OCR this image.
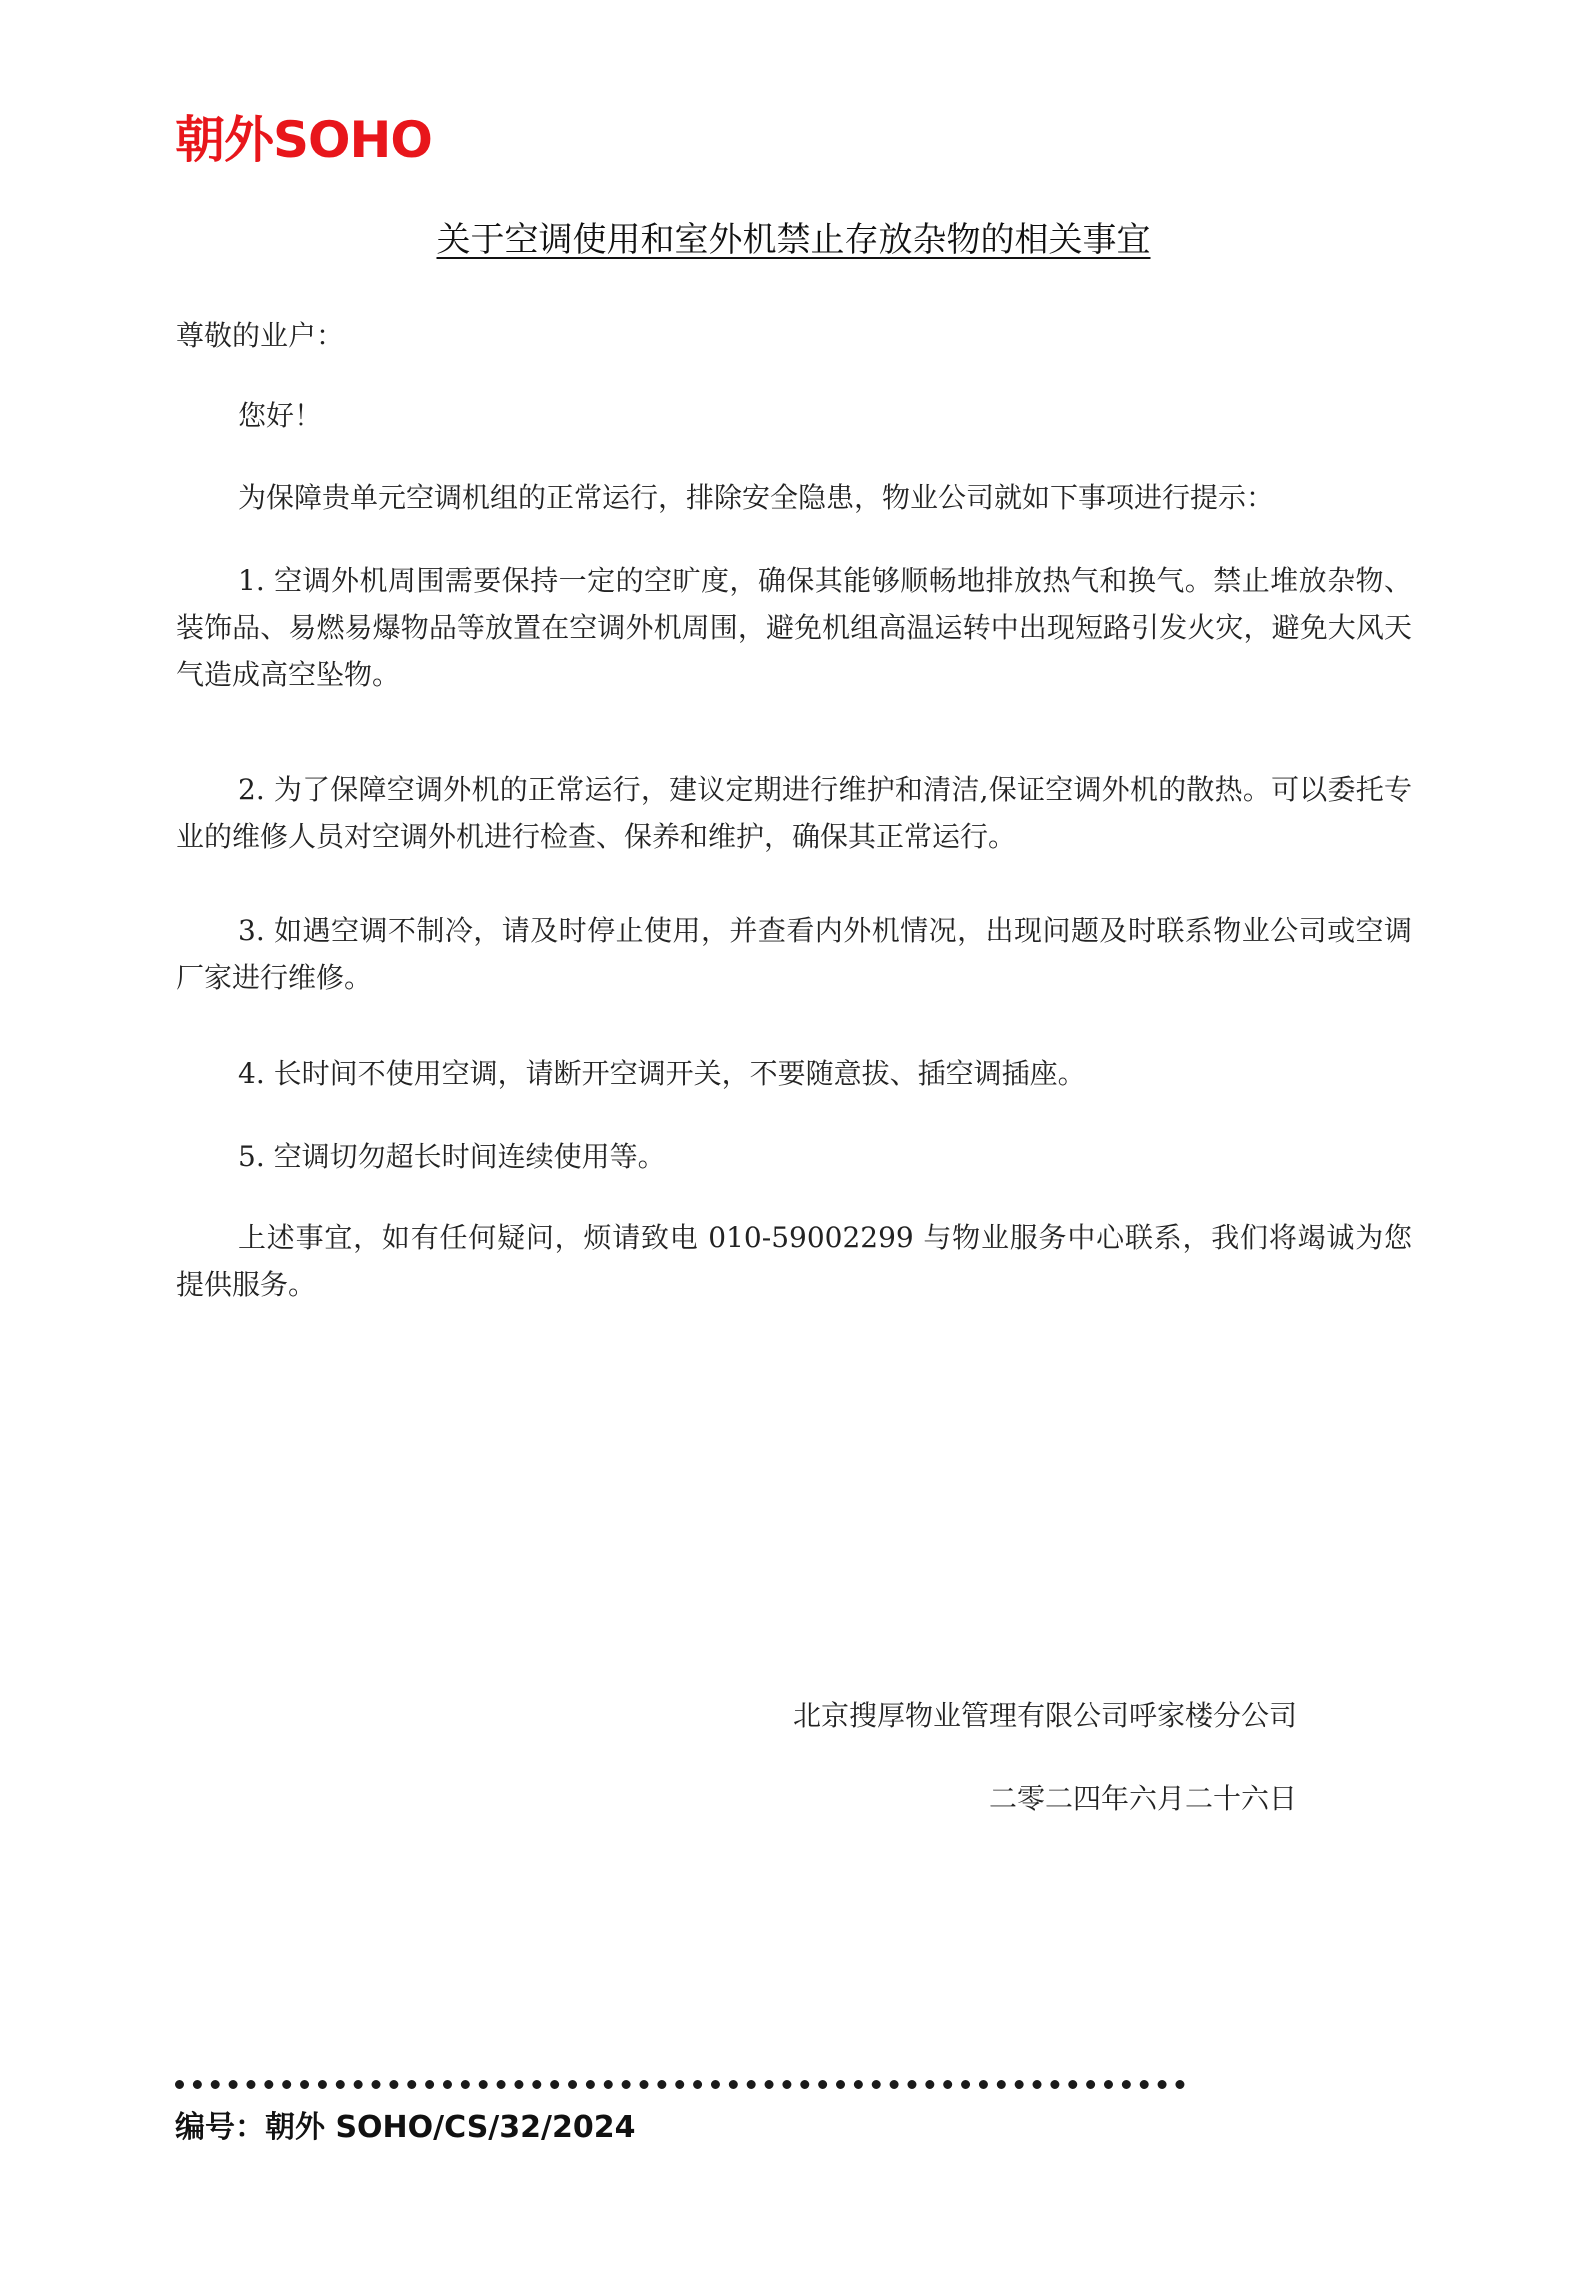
朝外SOHO
关于空调使用和室外机禁止存放杂物的相关事宜

尊敬的业户：

您好！

为保障贵单元空调机组的正常运行，排除安全隐患，物业公司就如下事项进行提示：

1. 空调外机周围需要保持一定的空旷度，确保其能够顺畅地排放热气和换气。禁止堆放杂物、装饰品、易燃易爆物品等放置在空调外机周围，避免机组高温运转中出现短路引发火灾，避免大风天气造成高空坠物。

2. 为了保障空调外机的正常运行，建议定期进行维护和清洁,保证空调外机的散热。可以委托专业的维修人员对空调外机进行检查、保养和维护，确保其正常运行。

3. 如遇空调不制冷，请及时停止使用，并查看内外机情况，出现问题及时联系物业公司或空调厂家进行维修。

4. 长时间不使用空调，请断开空调开关，不要随意拔、插空调插座。

5. 空调切勿超长时间连续使用等。

上述事宜，如有任何疑问，烦请致电 010-59002299 与物业服务中心联系，我们将竭诚为您提供服务。

北京搜厚物业管理有限公司呼家楼分公司
二零二四年六月二十六日
编号：朝外 SOHO/CS/32/2024
